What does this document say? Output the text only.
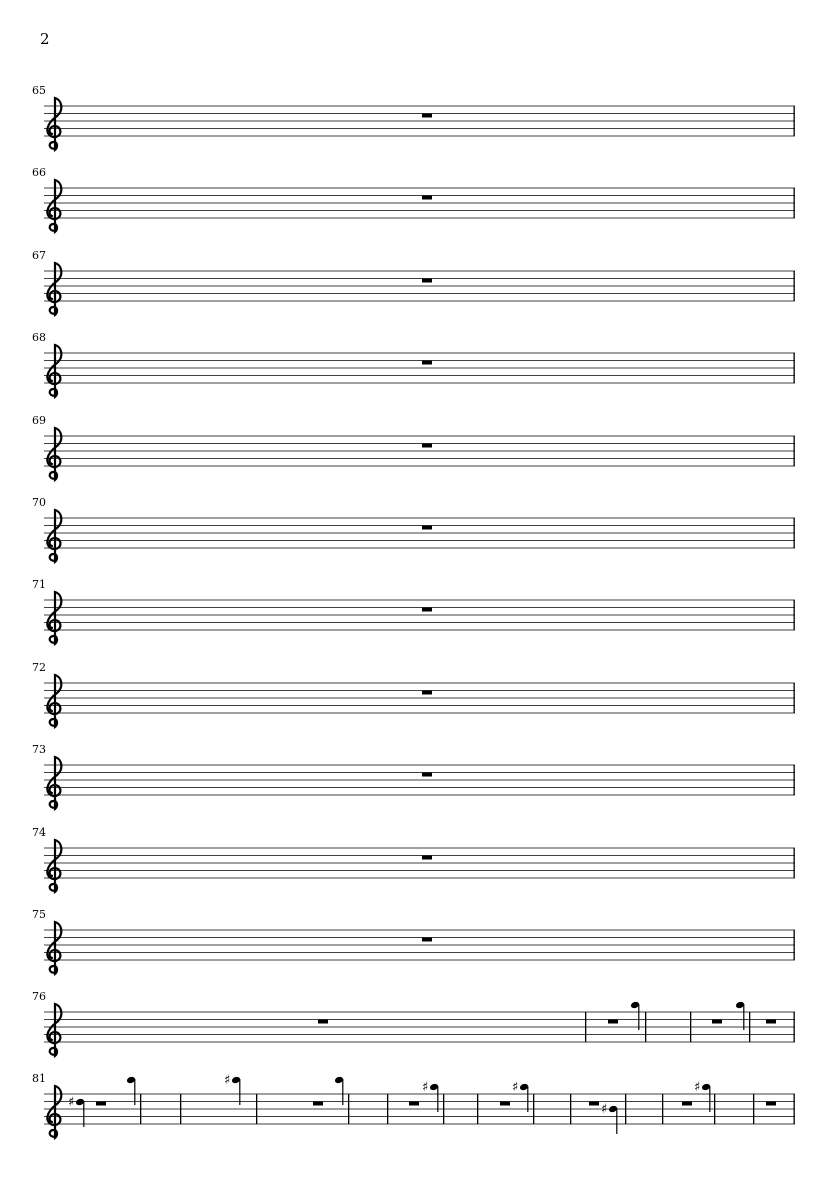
2
65
66
67
68
69
70
71
72
73
74
75
76
81
♯
♯	♯	♯
♯
♯
